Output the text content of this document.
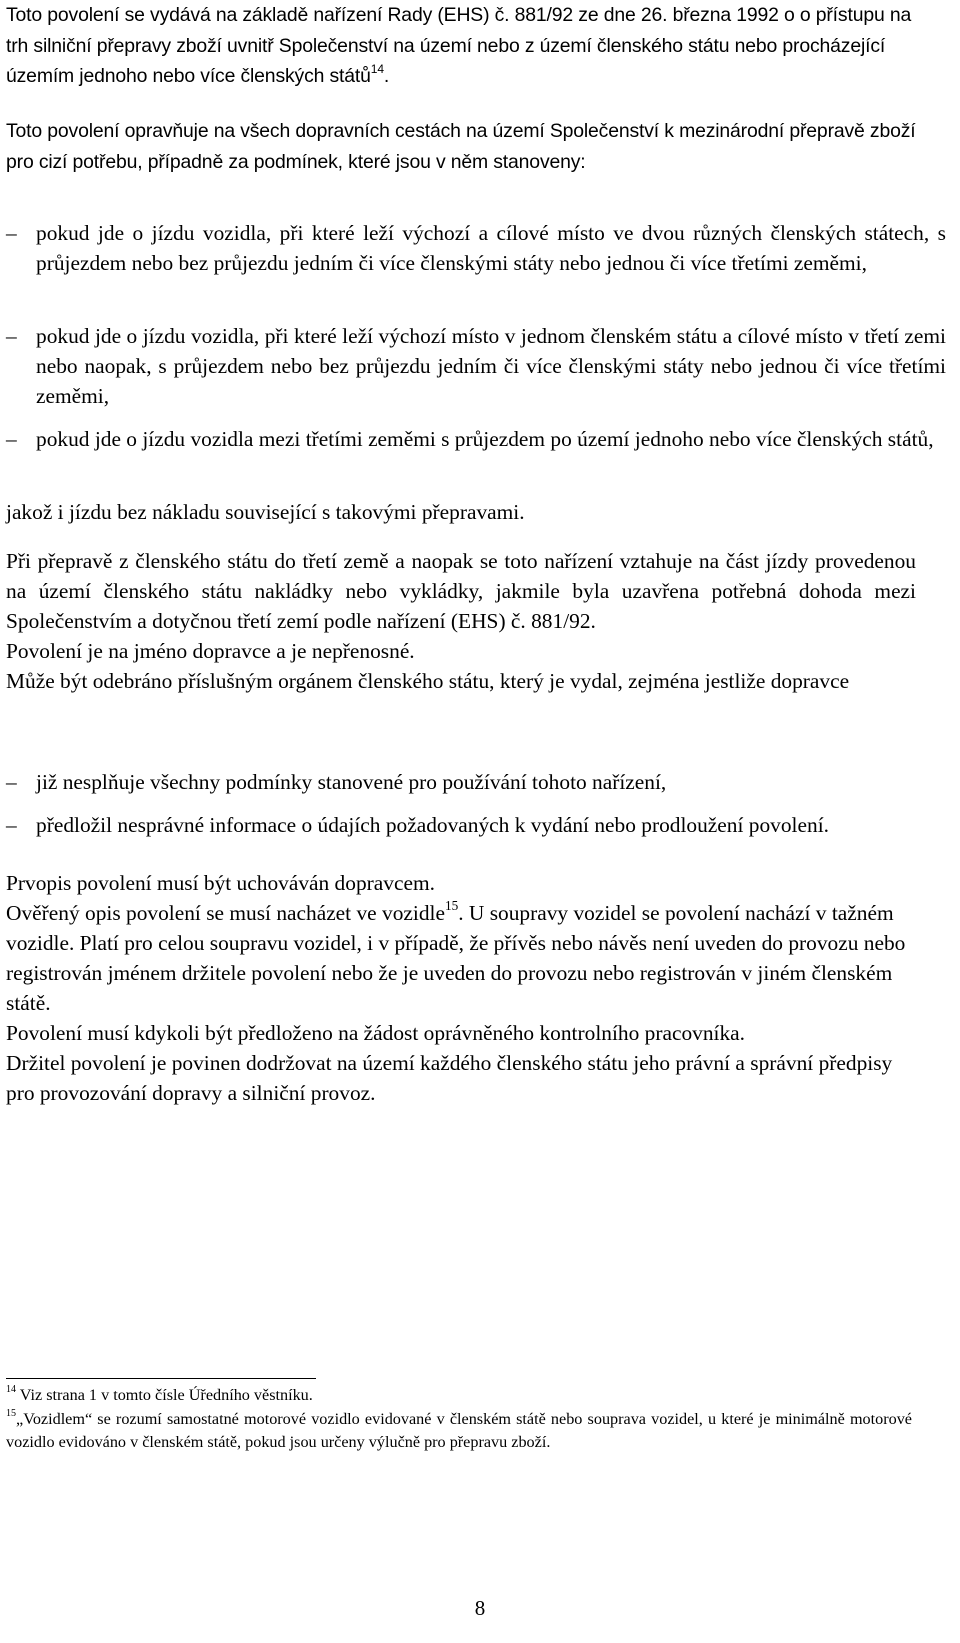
Toto povolení se vydává na základě nařízení Rady (EHS) č. 881/92 ze dne 26. března 1992 o o přístupu na trh silniční přepravy zboží uvnitř Společenství na území nebo z území členského státu nebo procházející územím jednoho nebo více členských států$^{14}$.

Toto povolení opravňuje na všech dopravních cestách na území Společenství k mezinárodní přepravě zboží pro cizí potřebu, případně za podmínek, které jsou v něm stanoveny:

– pokud jde o jízdu vozidla, při které leží výchozí a cílové místo ve dvou různých členských státech, s průjezdem nebo bez průjezdu jedním či více členskými státy nebo jednou či více třetími zeměmi,
– pokud jde o jízdu vozidla, při které leží výchozí místo v jednom členském státu a cílové místo v třetí zemi nebo naopak, s průjezdem nebo bez průjezdu jedním či více členskými státy nebo jednou či více třetími zeměmi,
– pokud jde o jízdu vozidla mezi třetími zeměmi s průjezdem po území jednoho nebo více členských států,

jakož i jízdu bez nákladu související s takovými přepravami.

Při přepravě z členského státu do třetí země a naopak se toto nařízení vztahuje na část jízdy provedenou na území členského státu nakládky nebo vykládky, jakmile byla uzavřena potřebná dohoda mezi Společenstvím a dotyčnou třetí zemí podle nařízení (EHS) č. 881/92.

Povolení je na jméno dopravce a je nepřenosné.

Může být odebráno příslušným orgánem členského státu, který je vydal, zejména jestliže dopravce

– již nesplňuje všechny podmínky stanovené pro používání tohoto nařízení,
– předložil nesprávné informace o údajích požadovaných k vydání nebo prodloužení povolení.

Prvopis povolení musí být uchováván dopravcem.

Ověřený opis povolení se musí nacházet ve vozidle$^{15}$. U soupravy vozidel se povolení nachází v tažném vozidle. Platí pro celou soupravu vozidel, i v případě, že přívěs nebo návěs není uveden do provozu nebo registrován jménem držitele povolení nebo že je uveden do provozu nebo registrován v jiném členském státě.

Povolení musí kdykoli být předloženo na žádost oprávněného kontrolního pracovníka.

Držitel povolení je povinen dodržovat na území každého členského státu jeho právní a správní předpisy pro provozování dopravy a silniční provoz.

$^{14}$ Viz strana 1 v tomto čísle Úředního věstníku.

$^{15}$„Vozidlem“ se rozumí samostatné motorové vozidlo evidované v členském státě nebo souprava vozidel, u které je minimálně motorové vozidlo evidováno v členském státě, pokud jsou určeny výlučně pro přepravu zboží.

8
